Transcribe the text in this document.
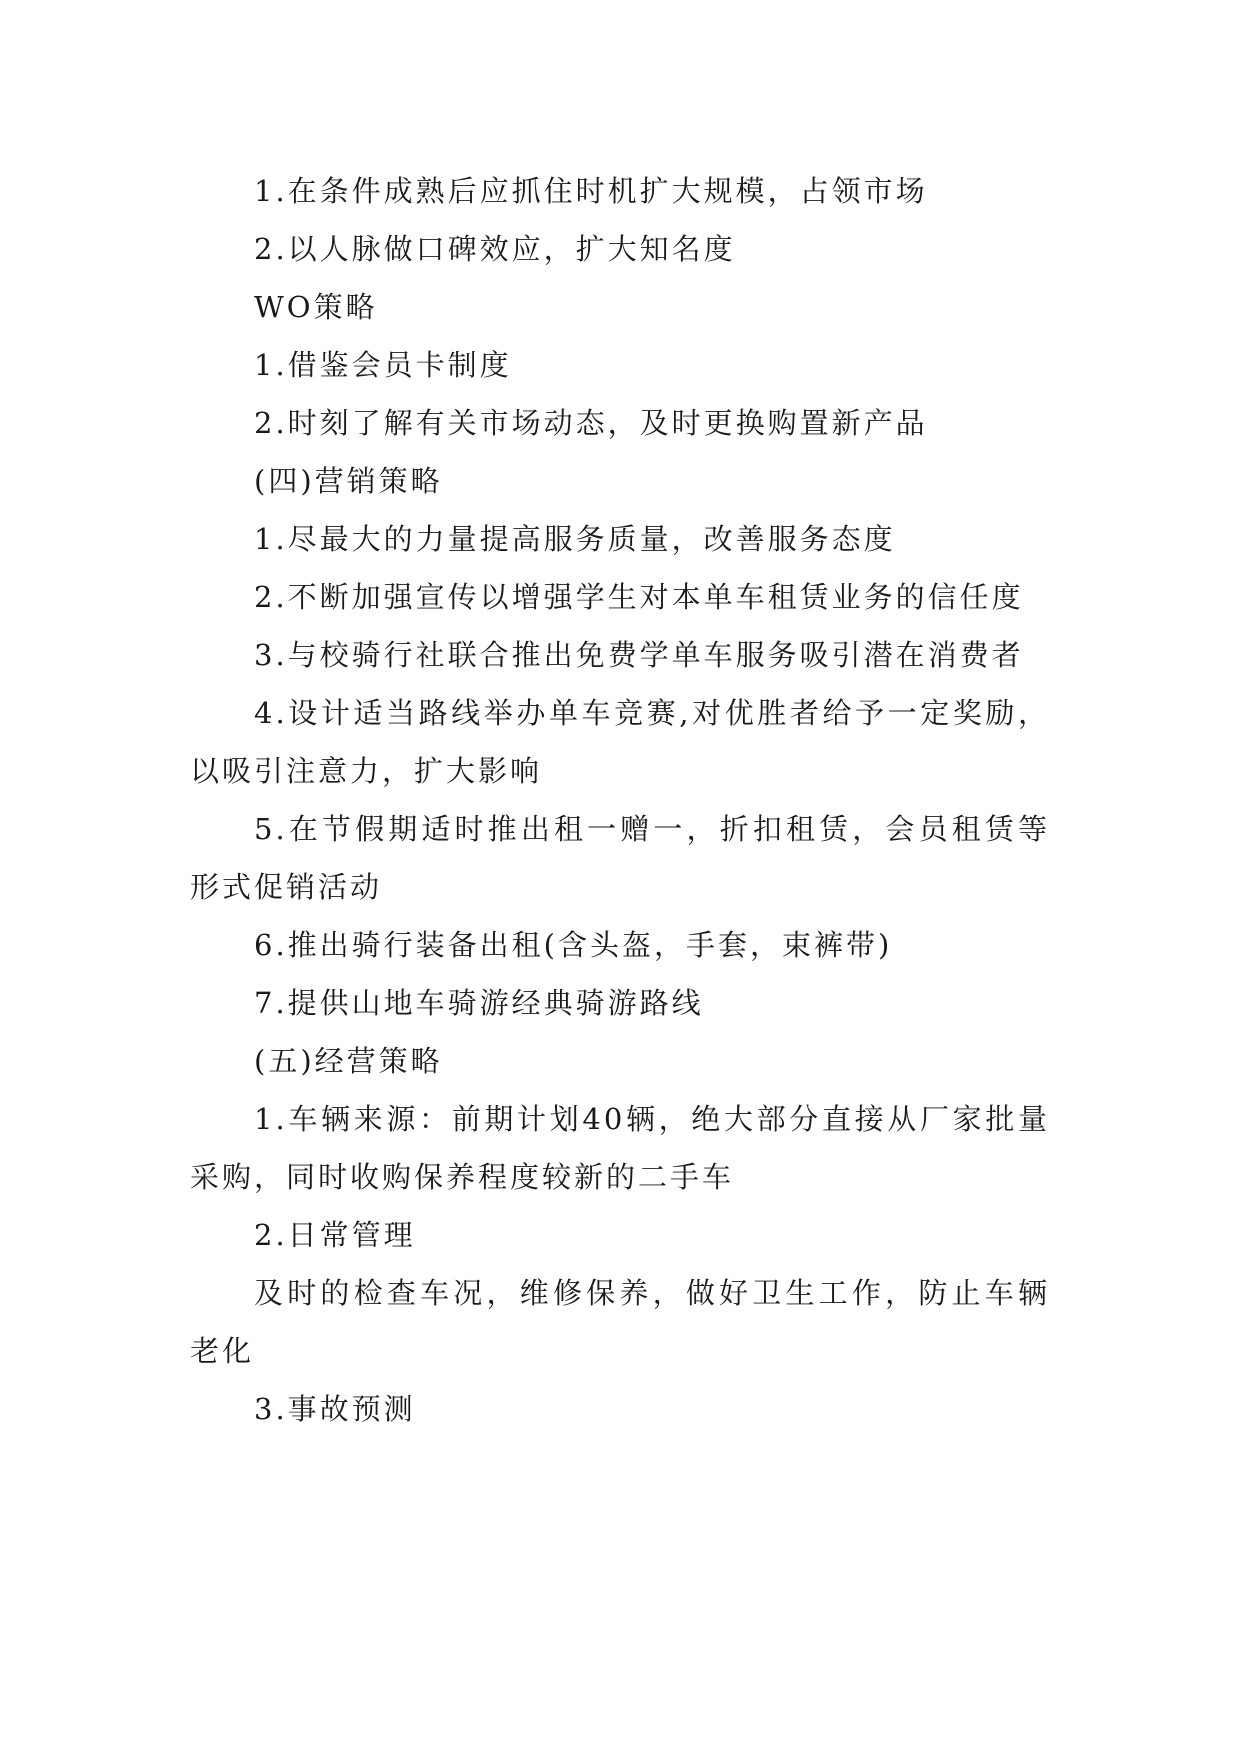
1.在条件成熟后应抓住时机扩大规模，占领市场

2.以人脉做口碑效应，扩大知名度

WO策略

1.借鉴会员卡制度

2.时刻了解有关市场动态，及时更换购置新产品

(四)营销策略

1.尽最大的力量提高服务质量，改善服务态度

2.不断加强宣传以增强学生对本单车租赁业务的信任度

3.与校骑行社联合推出免费学单车服务吸引潜在消费者

4.设计适当路线举办单车竞赛,对优胜者给予一定奖励，以吸引注意力，扩大影响

5.在节假期适时推出租一赠一，折扣租赁，会员租赁等形式促销活动

6.推出骑行装备出租(含头盔，手套，束裤带)

7.提供山地车骑游经典骑游路线

(五)经营策略

1.车辆来源：前期计划40辆，绝大部分直接从厂家批量采购，同时收购保养程度较新的二手车

2.日常管理

及时的检查车况，维修保养，做好卫生工作，防止车辆老化

3.事故预测
